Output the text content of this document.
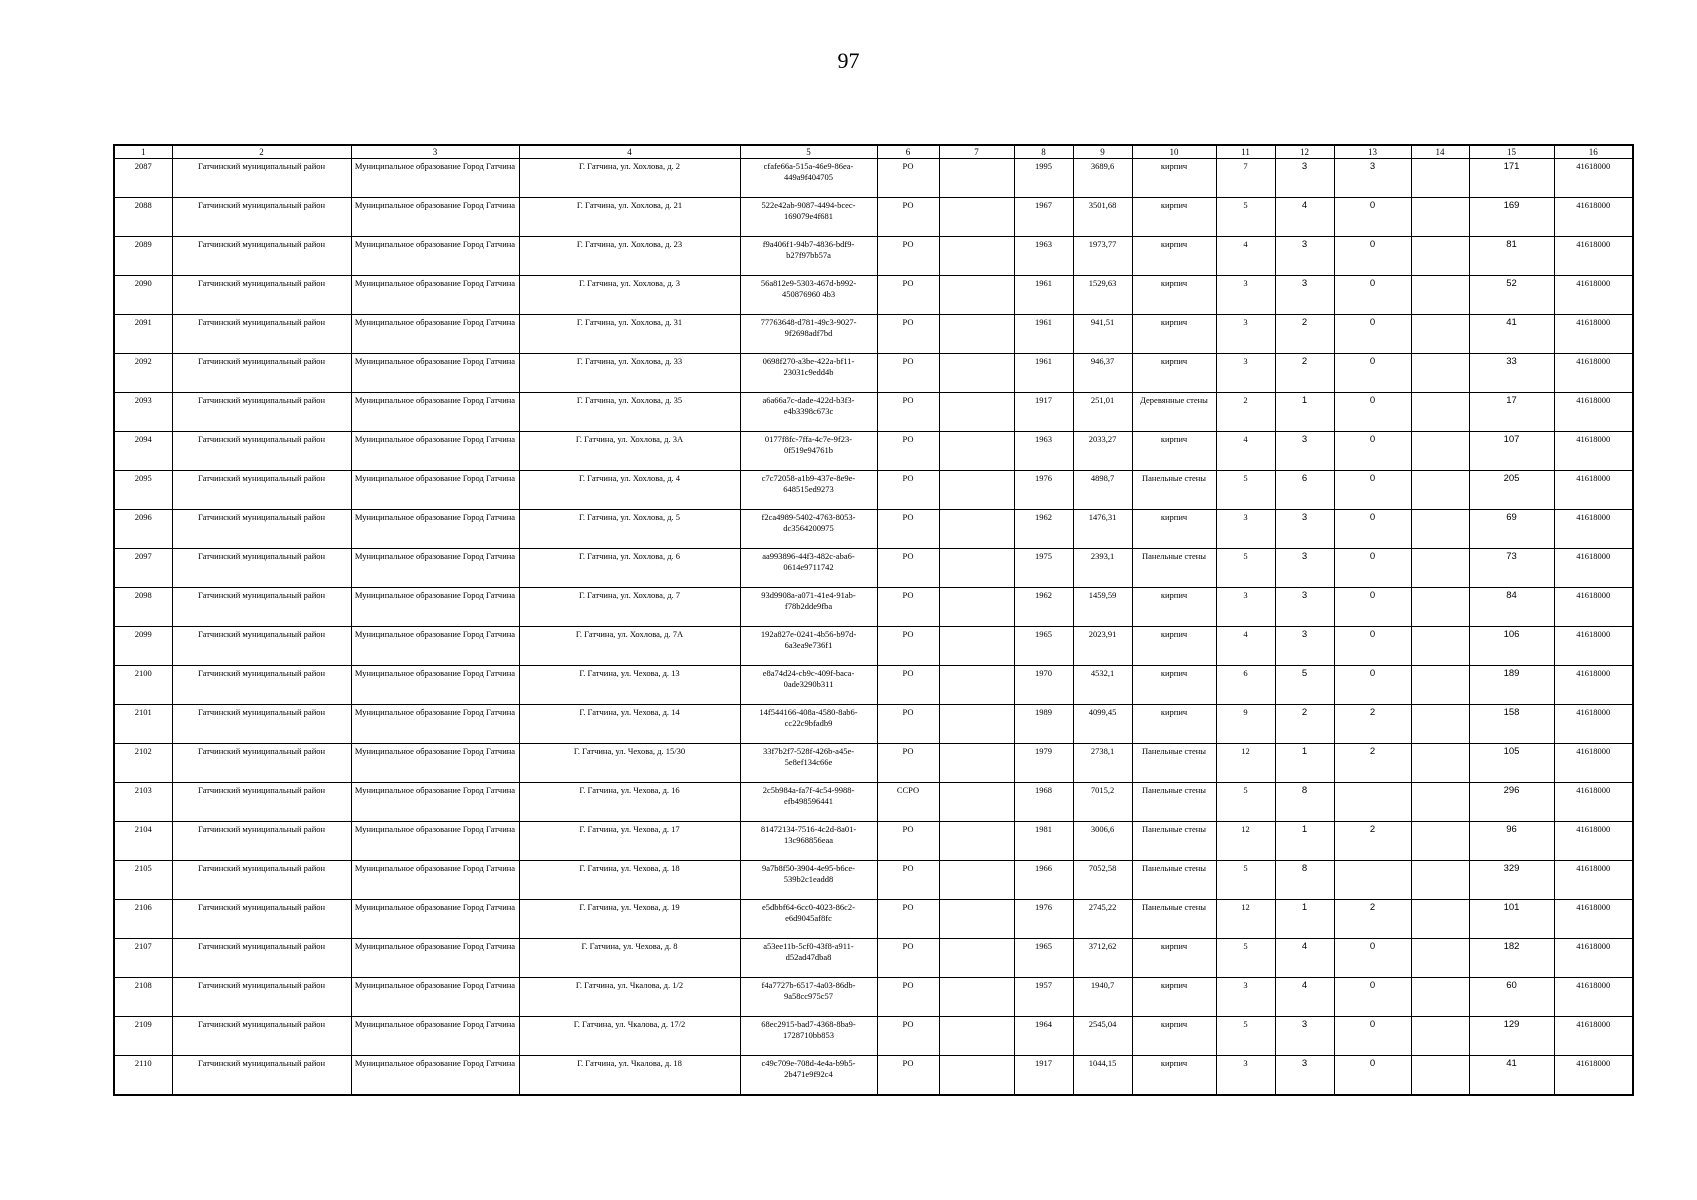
97
1	2	3	4	5	6	7	8	9	10	11	12	13	14	15	16
2087	Гатчинский муниципальный район	Муниципальное образование Город Гатчина	Г. Гатчина, ул. Хохлова, д. 2	cfafe66a-515a-46e9-86ea-449a9f404705	РО		1995	3689,6	кирпич	7	3	3		171	41618000
2088	Гатчинский муниципальный район	Муниципальное образование Город Гатчина	Г. Гатчина, ул. Хохлова, д. 21	522e42ab-9087-4494-bcec-169079e4f681	РО		1967	3501,68	кирпич	5	4	0		169	41618000
2089	Гатчинский муниципальный район	Муниципальное образование Город Гатчина	Г. Гатчина, ул. Хохлова, д. 23	f9a406f1-94b7-4836-bdf9-b27f97bb57a	РО		1963	1973,77	кирпич	4	3	0		81	41618000
2090	Гатчинский муниципальный район	Муниципальное образование Город Гатчина	Г. Гатчина, ул. Хохлова, д. 3	56a812e9-5303-467d-b992-450876960 4b3	РО		1961	1529,63	кирпич	3	3	0		52	41618000
2091	Гатчинский муниципальный район	Муниципальное образование Город Гатчина	Г. Гатчина, ул. Хохлова, д. 31	77763648-d781-49c3-9027-9f2698adf7bd	РО		1961	941,51	кирпич	3	2	0		41	41618000
2092	Гатчинский муниципальный район	Муниципальное образование Город Гатчина	Г. Гатчина, ул. Хохлова, д. 33	0698f270-a3be-422a-bf11-23031c9edd4b	РО		1961	946,37	кирпич	3	2	0		33	41618000
2093	Гатчинский муниципальный район	Муниципальное образование Город Гатчина	Г. Гатчина, ул. Хохлова, д. 35	a6a66a7c-dade-422d-b3f3-e4b3398c673c	РО		1917	251,01	Деревянные стены	2	1	0		17	41618000
2094	Гатчинский муниципальный район	Муниципальное образование Город Гатчина	Г. Гатчина, ул. Хохлова, д. 3А	0177f8fc-7ffa-4c7e-9f23-0f519e94761b	РО		1963	2033,27	кирпич	4	3	0		107	41618000
2095	Гатчинский муниципальный район	Муниципальное образование Город Гатчина	Г. Гатчина, ул. Хохлова, д. 4	c7c72058-a1b9-437e-8e9e-648515ed9273	РО		1976	4898,7	Панельные стены	5	6	0		205	41618000
2096	Гатчинский муниципальный район	Муниципальное образование Город Гатчина	Г. Гатчина, ул. Хохлова, д. 5	f2ca4989-5402-4763-8053-dc3564200975	РО		1962	1476,31	кирпич	3	3	0		69	41618000
2097	Гатчинский муниципальный район	Муниципальное образование Город Гатчина	Г. Гатчина, ул. Хохлова, д. 6	aa993896-44f3-482c-aba6-0614e9711742	РО		1975	2393,1	Панельные стены	5	3	0		73	41618000
2098	Гатчинский муниципальный район	Муниципальное образование Город Гатчина	Г. Гатчина, ул. Хохлова, д. 7	93d9908a-a071-41e4-91ab-f78b2dde9fba	РО		1962	1459,59	кирпич	3	3	0		84	41618000
2099	Гатчинский муниципальный район	Муниципальное образование Город Гатчина	Г. Гатчина, ул. Хохлова, д. 7А	192a827e-0241-4b56-b97d-6a3ea9e736f1	РО		1965	2023,91	кирпич	4	3	0		106	41618000
2100	Гатчинский муниципальный район	Муниципальное образование Город Гатчина	Г. Гатчина, ул. Чехова, д. 13	e8a74d24-cb9c-409f-baca-0ade3290b311	РО		1970	4532,1	кирпич	6	5	0		189	41618000
2101	Гатчинский муниципальный район	Муниципальное образование Город Гатчина	Г. Гатчина, ул. Чехова, д. 14	14f544166-408a-4580-8ab6-cc22c9bfadb9	РО		1989	4099,45	кирпич	9	2	2		158	41618000
2102	Гатчинский муниципальный район	Муниципальное образование Город Гатчина	Г. Гатчина, ул. Чехова, д. 15/30	33f7b2f7-528f-426b-a45e-5e8ef134c66e	РО		1979	2738,1	Панельные стены	12	1	2		105	41618000
2103	Гатчинский муниципальный район	Муниципальное образование Город Гатчина	Г. Гатчина, ул. Чехова, д. 16	2c5b984a-fa7f-4c54-9988-efb498596441	ССРО		1968	7015,2	Панельные стены	5	8			296	41618000
2104	Гатчинский муниципальный район	Муниципальное образование Город Гатчина	Г. Гатчина, ул. Чехова, д. 17	81472134-7516-4c2d-8a01-13c968856eaa	РО		1981	3006,6	Панельные стены	12	1	2		96	41618000
2105	Гатчинский муниципальный район	Муниципальное образование Город Гатчина	Г. Гатчина, ул. Чехова, д. 18	9a7b8f50-3904-4e95-b6ce-539b2c1eadd8	РО		1966	7052,58	Панельные стены	5	8			329	41618000
2106	Гатчинский муниципальный район	Муниципальное образование Город Гатчина	Г. Гатчина, ул. Чехова, д. 19	e5dbbf64-6cc0-4023-86c2-e6d9045af8fc	РО		1976	2745,22	Панельные стены	12	1	2		101	41618000
2107	Гатчинский муниципальный район	Муниципальное образование Город Гатчина	Г. Гатчина, ул. Чехова, д. 8	a53ee11b-5cf0-43f8-a911-d52ad47dba8	РО		1965	3712,62	кирпич	5	4	0		182	41618000
2108	Гатчинский муниципальный район	Муниципальное образование Город Гатчина	Г. Гатчина, ул. Чкалова, д. 1/2	f4a7727b-6517-4a03-86db-9a58cc975c57	РО		1957	1940,7	кирпич	3	4	0		60	41618000
2109	Гатчинский муниципальный район	Муниципальное образование Город Гатчина	Г. Гатчина, ул. Чкалова, д. 17/2	68ec2915-bad7-4368-8ba9-1728710bb853	РО		1964	2545,04	кирпич	5	3	0		129	41618000
2110	Гатчинский муниципальный район	Муниципальное образование Город Гатчина	Г. Гатчина, ул. Чкалова, д. 18	c49c709e-708d-4e4a-b9b5-2b471e9f92c4	РО		1917	1044,15	кирпич	3	3	0		41	41618000
